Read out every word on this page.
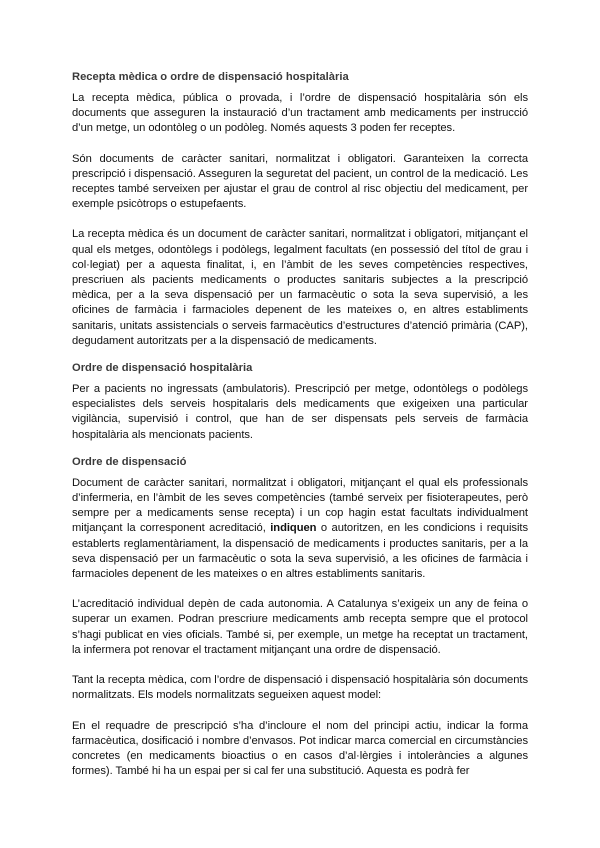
Recepta mèdica o ordre de dispensació hospitalària

La recepta mèdica, pública o provada, i l’ordre de dispensació hospitalària són els documents que asseguren la instauració d’un tractament amb medicaments per instrucció d’un metge, un odontòleg o un podòleg. Només aquests 3 poden fer receptes.

Són documents de caràcter sanitari, normalitzat i obligatori. Garanteixen la correcta prescripció i dispensació. Asseguren la seguretat del pacient, un control de la medicació. Les receptes també serveixen per ajustar el grau de control al risc objectiu del medicament, per exemple psicòtrops o estupefaents.

La recepta mèdica és un document de caràcter sanitari, normalitzat i obligatori, mitjançant el qual els metges, odontòlegs i podòlegs, legalment facultats (en possessió del títol de grau i col·legiat) per a aquesta finalitat, i, en l’àmbit de les seves competències respectives, prescriuen als pacients medicaments o productes sanitaris subjectes a la prescripció mèdica, per a la seva dispensació per un farmacèutic o sota la seva supervisió, a les oficines de farmàcia i farmacioles depenent de les mateixes o, en altres establiments sanitaris, unitats assistencials o serveis farmacèutics d’estructures d’atenció primària (CAP), degudament autoritzats per a la dispensació de medicaments.

Ordre de dispensació hospitalària

Per a pacients no ingressats (ambulatoris). Prescripció per metge, odontòlegs o podòlegs especialistes dels serveis hospitalaris dels medicaments que exigeixen una particular vigilància, supervisió i control, que han de ser dispensats pels serveis de farmàcia hospitalària als mencionats pacients.

Ordre de dispensació

Document de caràcter sanitari, normalitzat i obligatori, mitjançant el qual els professionals d’infermeria, en l’àmbit de les seves competències (també serveix per fisioterapeutes, però sempre per a medicaments sense recepta) i un cop hagin estat facultats individualment mitjançant la corresponent acreditació, indiquen o autoritzen, en les condicions i requisits establerts reglamentàriament, la dispensació de medicaments i productes sanitaris, per a la seva dispensació per un farmacèutic o sota la seva supervisió, a les oficines de farmàcia i farmacioles depenent de les mateixes o en altres establiments sanitaris.

L’acreditació individual depèn de cada autonomia. A Catalunya s’exigeix un any de feina o superar un examen. Podran prescriure medicaments amb recepta sempre que el protocol s’hagi publicat en vies oficials. També si, per exemple, un metge ha receptat un tractament, la infermera pot renovar el tractament mitjançant una ordre de dispensació.

Tant la recepta mèdica, com l’ordre de dispensació i dispensació hospitalària són documents normalitzats. Els models normalitzats segueixen aquest model:

En el requadre de prescripció s’ha d’incloure el nom del principi actiu, indicar la forma farmacèutica, dosificació i nombre d’envasos. Pot indicar marca comercial en circumstàncies concretes (en medicaments bioactius o en casos d’al·lèrgies i intoleràncies a algunes formes). També hi ha un espai per si cal fer una substitució. Aquesta es podrà fer
